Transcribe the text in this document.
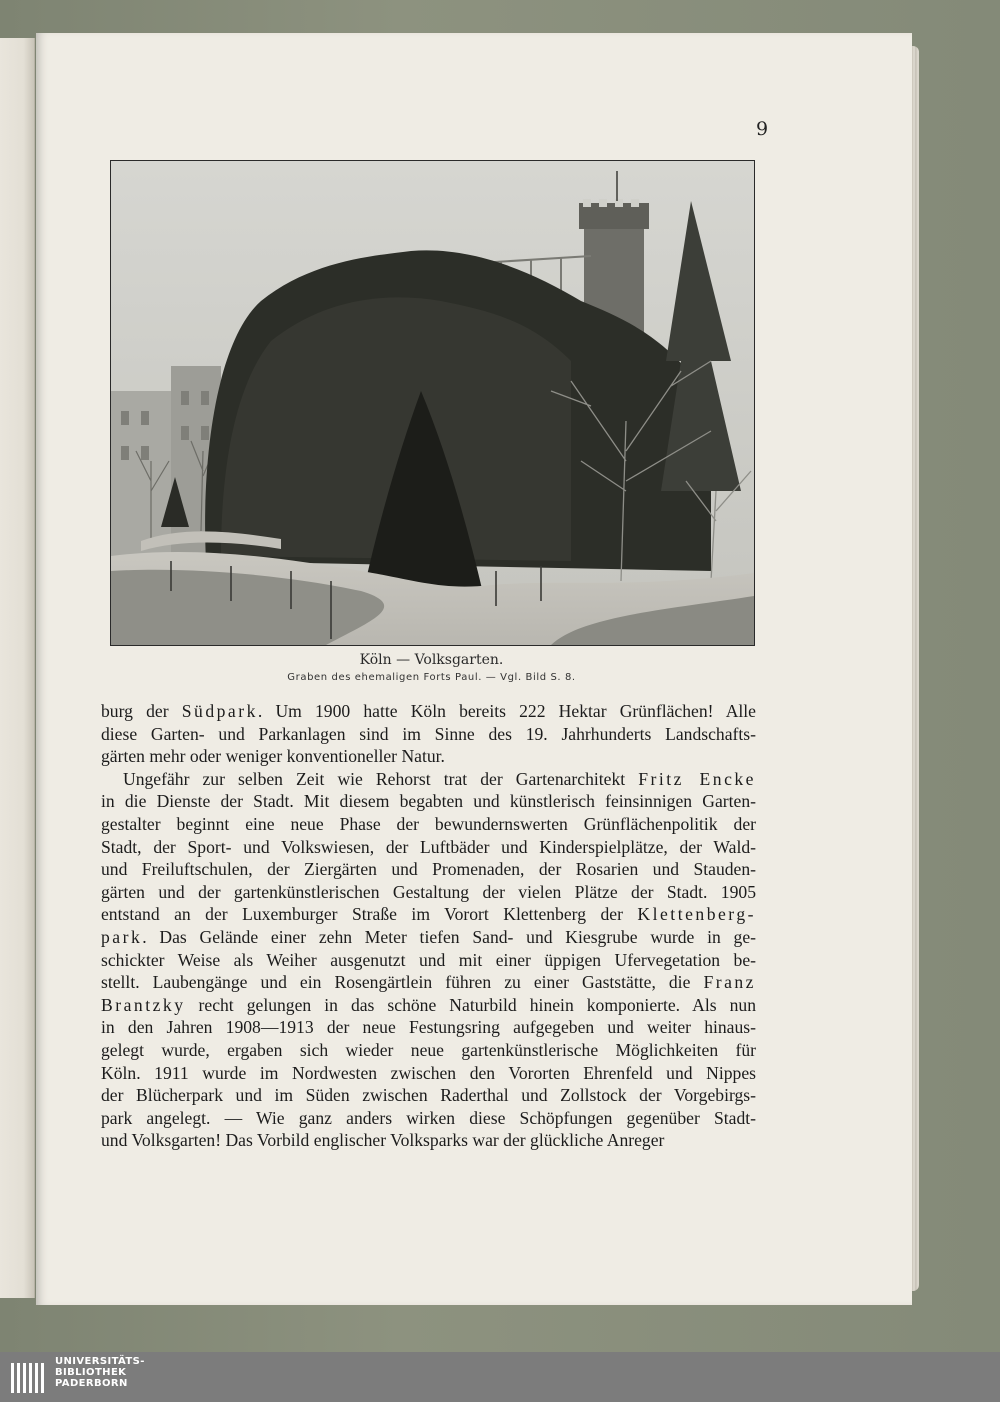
9
Köln — Volksgarten.
Graben des ehemaligen Forts Paul. — Vgl. Bild S. 8.
burg der Südpark. Um 1900 hatte Köln bereits 222 Hektar Grünflächen! Alle
diese Garten- und Parkanlagen sind im Sinne des 19. Jahrhunderts Landschafts-
gärten mehr oder weniger konventioneller Natur.
Ungefähr zur selben Zeit wie Rehorst trat der Gartenarchitekt Fritz Encke
in die Dienste der Stadt. Mit diesem begabten und künstlerisch feinsinnigen Garten-
gestalter beginnt eine neue Phase der bewundernswerten Grünflächenpolitik der
Stadt, der Sport- und Volkswiesen, der Luftbäder und Kinderspielplätze, der Wald-
und Freiluftschulen, der Ziergärten und Promenaden, der Rosarien und Stauden-
gärten und der gartenkünstlerischen Gestaltung der vielen Plätze der Stadt. 1905
entstand an der Luxemburger Straße im Vorort Klettenberg der Klettenberg-
park. Das Gelände einer zehn Meter tiefen Sand- und Kiesgrube wurde in ge-
schickter Weise als Weiher ausgenutzt und mit einer üppigen Ufervegetation be-
stellt. Laubengänge und ein Rosengärtlein führen zu einer Gaststätte, die Franz
Brantzky recht gelungen in das schöne Naturbild hinein komponierte. Als nun
in den Jahren 1908—1913 der neue Festungsring aufgegeben und weiter hinaus-
gelegt wurde, ergaben sich wieder neue gartenkünstlerische Möglichkeiten für
Köln. 1911 wurde im Nordwesten zwischen den Vororten Ehrenfeld und Nippes
der Blücherpark und im Süden zwischen Raderthal und Zollstock der Vorgebirgs-
park angelegt. — Wie ganz anders wirken diese Schöpfungen gegenüber Stadt-
und Volksgarten! Das Vorbild englischer Volksparks war der glückliche Anreger
UNIVERSITÄTS-
BIBLIOTHEK
PADERBORN
